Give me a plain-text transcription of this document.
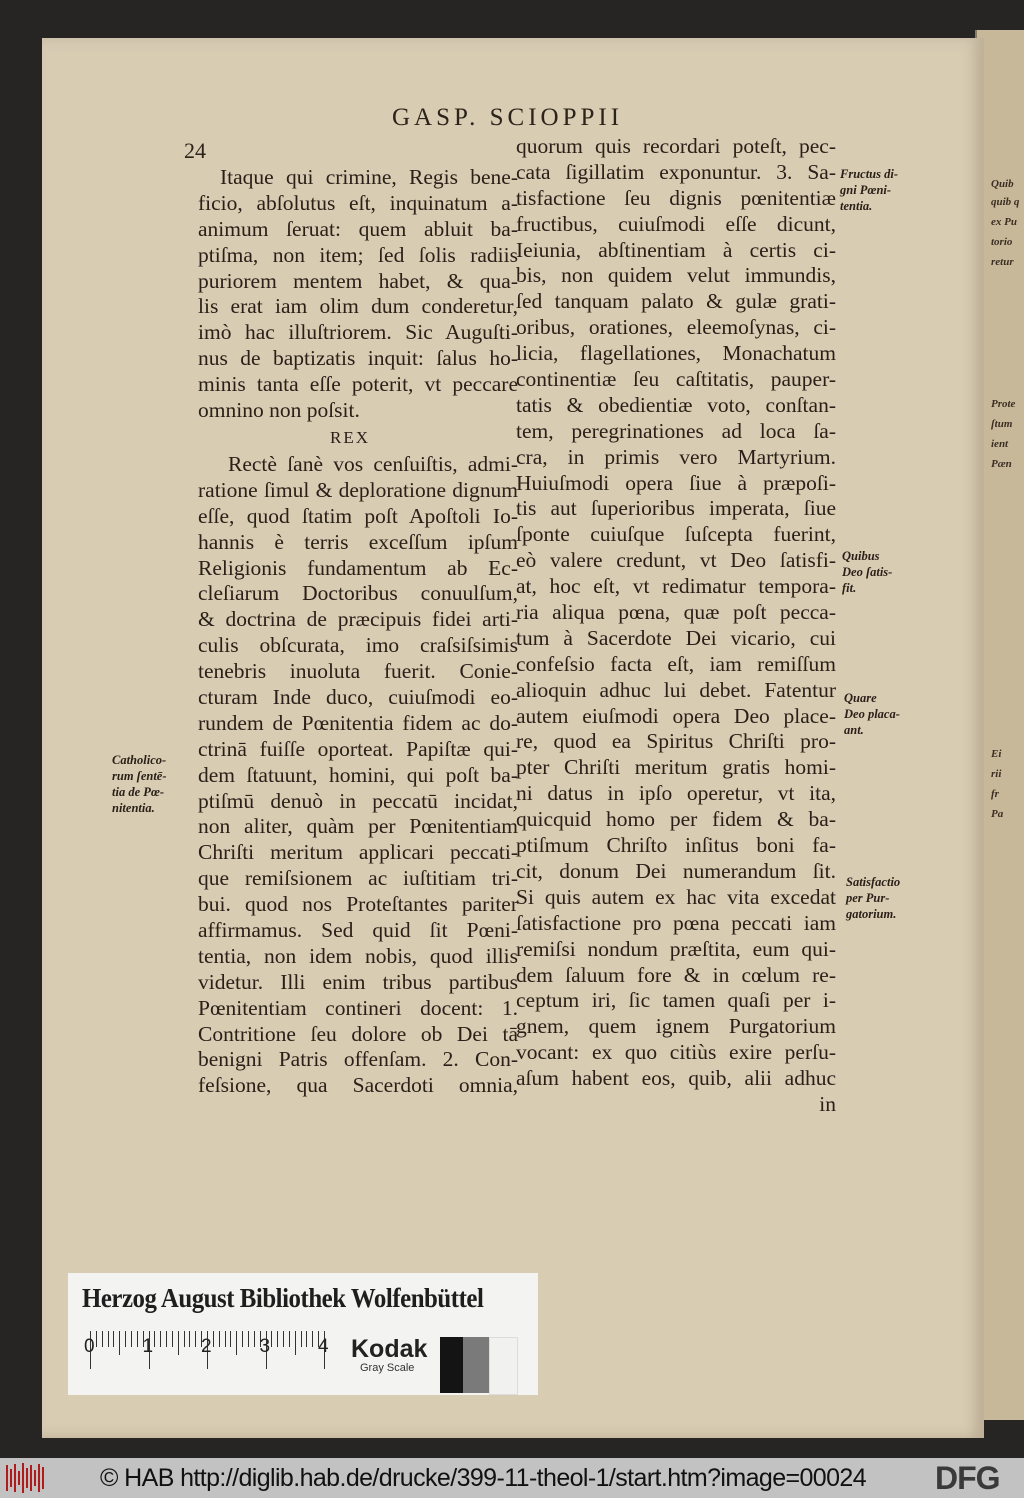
Quib
quib q
ex Pu
torio
retur
Prote
ſtum
ient
Pæn
Ei
rii
fr
Pa
24
GASP. SCIOPPII
Itaque qui crimine, Regis bene-
ficio, abſolutus eſt, inquinatum a-
animum ſeruat: quem abluit ba-
ptiſma, non item; ſed ſolis radiis
puriorem mentem habet, & qua-
lis erat iam olim dum conderetur,
imò hac illuſtriorem. Sic Auguſti-
nus de baptizatis inquit: ſalus ho-
minis tanta eſſe poterit, vt peccare
omnino non poſsit.
REX
Rectè ſanè vos cenſuiſtis, admi-
ratione ſimul & deploratione dignum
eſſe, quod ſtatim poſt Apoſtoli Io-
hannis è terris exceſſum ipſum
Religionis fundamentum ab Ec-
cleſiarum Doctoribus conuulſum,
& doctrina de præcipuis fidei arti-
culis obſcurata, imo craſsiſsimis
tenebris inuoluta fuerit. Conie-
cturam Inde duco, cuiuſmodi eo-
rundem de Pœnitentia fidem ac do-
ctrinā fuiſſe oporteat. Papiſtæ qui-
dem ſtatuunt, homini, qui poſt ba-
ptiſmū denuò in peccatū incidat,
non aliter, quàm per Pœnitentiam
Chriſti meritum applicari peccati-
que remiſsionem ac iuſtitiam tri-
bui. quod nos Proteſtantes pariter
affirmamus. Sed quid ſit Pœni-
tentia, non idem nobis, quod illis
videtur. Illi enim tribus partibus
Pœnitentiam contineri docent: 1.
Contritione ſeu dolore ob Dei tā
benigni Patris offenſam. 2. Con-
feſsione, qua Sacerdoti omnia,
quorum quis recordari poteſt, pec-
cata ſigillatim exponuntur. 3. Sa-
tisfactione ſeu dignis pœnitentiæ
fructibus, cuiuſmodi eſſe dicunt,
Ieiunia, abſtinentiam à certis ci-
bis, non quidem velut immundis,
ſed tanquam palato & gulæ grati-
oribus, orationes, eleemoſynas, ci-
licia, flagellationes, Monachatum
continentiæ ſeu caſtitatis, pauper-
tatis & obedientiæ voto, conſtan-
tem, peregrinationes ad loca ſa-
cra, in primis vero Martyrium.
Huiuſmodi opera ſiue à præpoſi-
tis aut ſuperioribus imperata, ſiue
ſponte cuiuſque ſuſcepta fuerint,
eò valere credunt, vt Deo ſatisfi-
at, hoc eſt, vt redimatur tempora-
ria aliqua pœna, quæ poſt pecca-
tum à Sacerdote Dei vicario, cui
confeſsio facta eſt, iam remiſſum
alioquin adhuc lui debet. Fatentur
autem eiuſmodi opera Deo place-
re, quod ea Spiritus Chriſti pro-
pter Chriſti meritum gratis homi-
ni datus in ipſo operetur, vt ita,
quicquid homo per fidem & ba-
ptiſmum Chriſto inſitus boni fa-
cit, donum Dei numerandum ſit.
Si quis autem ex hac vita excedat
ſatisfactione pro pœna peccati iam
remiſsi nondum præſtita, eum qui-
dem ſaluum fore & in cœlum re-
ceptum iri, ſic tamen quaſi per i-
gnem, quem ignem Purgatorium
vocant: ex quo citiùs exire perſu-
aſum habent eos, quib, alii adhuc
in
Catholico-
rum ſentē-
tia de Pœ-
nitentia.
Fructus di-
gni Pœni-
tentia.
Quibus
Deo ſatis-
fit.
Quare
Deo placa-
ant.
Satisfactio
per Pur-
gatorium.
Herzog August Bibliothek Wolfenbüttel
Kodak
Gray Scale
0	1	2	3	4
© HAB http://diglib.hab.de/drucke/399-11-theol-1/start.htm?image=00024 DFG
